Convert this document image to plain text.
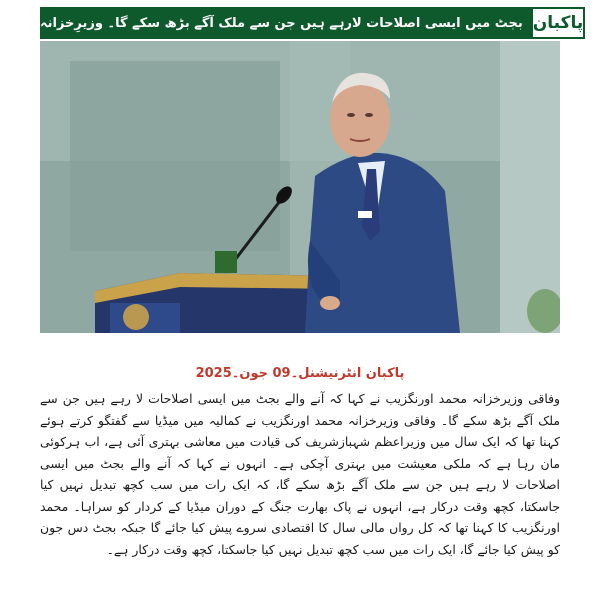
بجٹ میں ایسی اصلاحات لارہے ہیں جن سے ملک آگے بڑھ سکے گا۔ وزیرِخزانہ پاکبان
پاکبان انٹرنیشنل۔09 جون۔2025

وفاقی وزیرخزانہ محمد اورنگزیب نے کہا کہ آنے والے بجٹ میں ایسی اصلاحات لا رہے ہیں جن سے ملک آگے بڑھ سکے گا۔ وفاقی وزیرخزانہ محمد اورنگزیب نے کمالیہ میں میڈیا سے گفتگو کرتے ہوئے کہنا تھا کہ ایک سال میں وزیراعظم شہبازشریف کی قیادت میں معاشی بہتری آئی ہے، اب ہرکوئی مان رہا ہے کہ ملکی معیشت میں بہتری آچکی ہے۔ انہوں نے کہا کہ آنے والے بجٹ میں ایسی اصلاحات لا رہے ہیں جن سے ملک آگے بڑھ سکے گا، کہ ایک رات میں سب کچھ تبدیل نہیں کیا جاسکتا، کچھ وقت درکار ہے، انہوں نے پاک بھارت جنگ کے دوران میڈیا کے کردار کو سراہا۔ محمد اورنگزیب کا کہنا تھا کہ کل رواں مالی سال کا اقتصادی سروے پیش کیا جائے گا جبکہ بجٹ دس جون کو پیش کیا جائے گا، ایک رات میں سب کچھ تبدیل نہیں کیا جاسکتا، کچھ وقت درکار ہے۔
